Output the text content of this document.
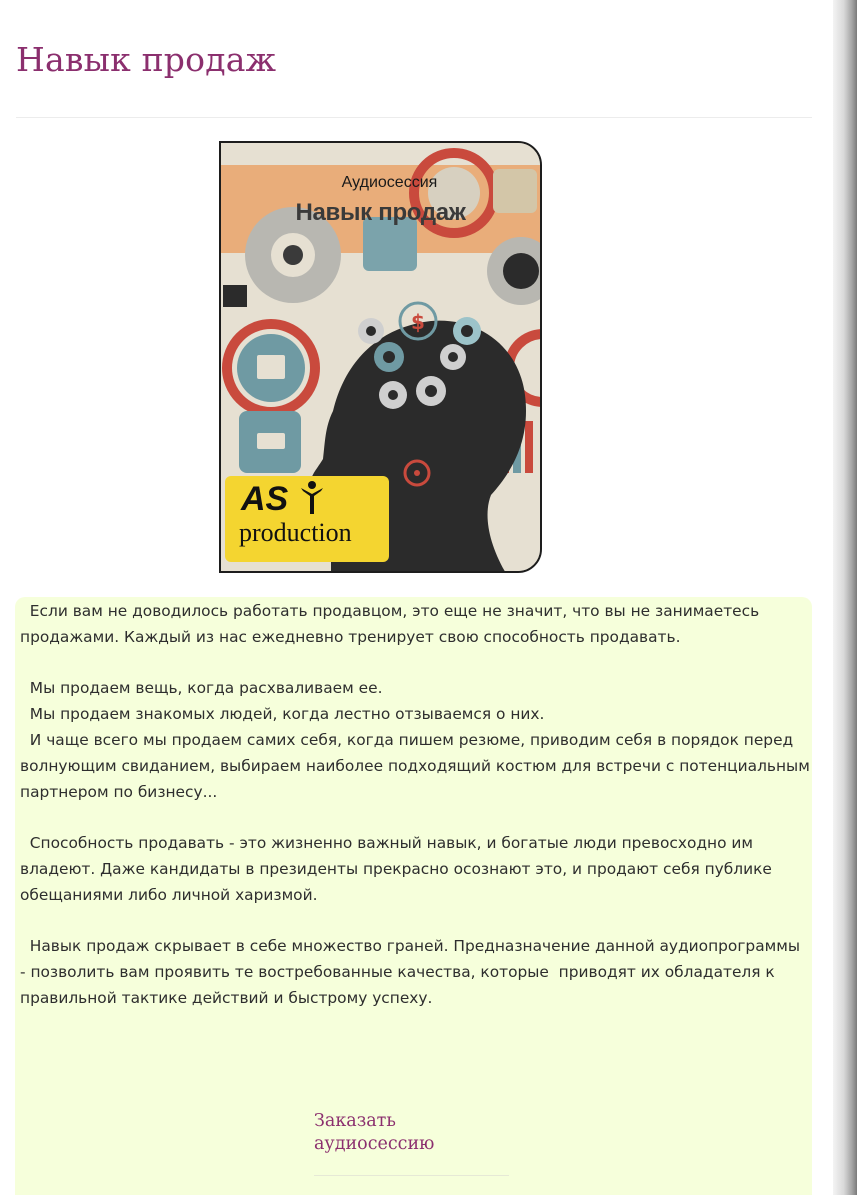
Навык продаж
$
Аудиосессия
Навык продаж
AS
production
Если вам не доводилось работать продавцом, это еще не значит, что вы не занимаетесь продажами. Каждый из нас ежедневно тренирует свою способность продавать.

Мы продаем вещь, когда расхваливаем ее.
Мы продаем знакомых людей, когда лестно отзываемся о них.
И чаще всего мы продаем самих себя, когда пишем резюме, приводим себя в порядок перед волнующим свиданием, выбираем наиболее подходящий костюм для встречи с потенциальным партнером по бизнесу...

Способность продавать - это жизненно важный навык, и богатые люди превосходно им владеют. Даже кандидаты в президенты прекрасно осознают это, и продают себя публике обещаниями либо личной харизмой.

Навык продаж скрывает в себе множество граней. Предназначение данной аудиопрограммы - позволить вам проявить те востребованные качества, которые  приводят их обладателя к правильной тактике действий и быстрому успеху.
Заказать аудиосессию
